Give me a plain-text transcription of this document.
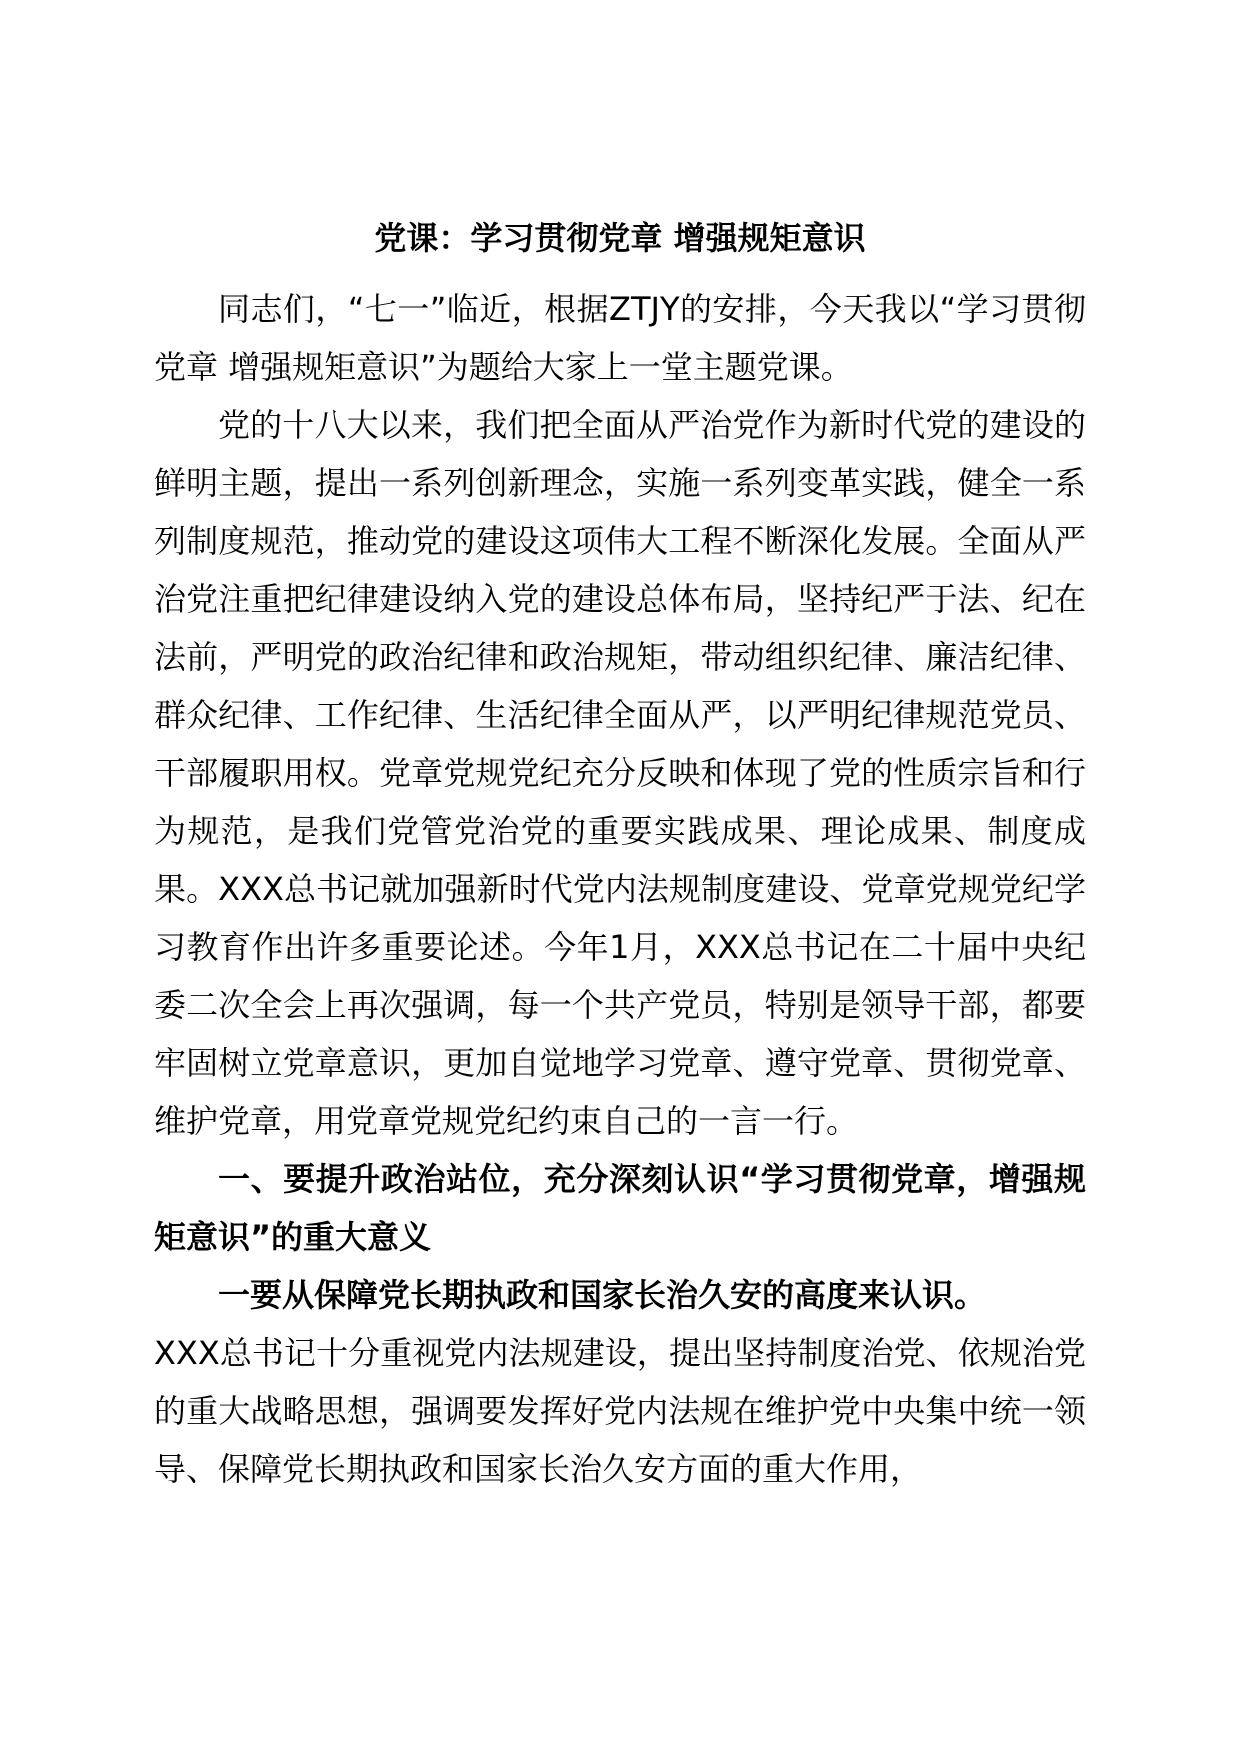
党课：学习贯彻党章 增强规矩意识

同志们，“七一”临近，根据ZTJY的安排，今天我以“学习贯彻党章 增强规矩意识”为题给大家上一堂主题党课。

党的十八大以来，我们把全面从严治党作为新时代党的建设的鲜明主题，提出一系列创新理念，实施一系列变革实践，健全一系列制度规范，推动党的建设这项伟大工程不断深化发展。全面从严治党注重把纪律建设纳入党的建设总体布局，坚持纪严于法、纪在法前，严明党的政治纪律和政治规矩，带动组织纪律、廉洁纪律、群众纪律、工作纪律、生活纪律全面从严，以严明纪律规范党员、干部履职用权。党章党规党纪充分反映和体现了党的性质宗旨和行为规范，是我们党管党治党的重要实践成果、理论成果、制度成果。XXX总书记就加强新时代党内法规制度建设、党章党规党纪学习教育作出许多重要论述。今年1月，XXX总书记在二十届中央纪委二次全会上再次强调，每一个共产党员，特别是领导干部，都要牢固树立党章意识，更加自觉地学习党章、遵守党章、贯彻党章、维护党章，用党章党规党纪约束自己的一言一行。

一、要提升政治站位，充分深刻认识“学习贯彻党章，增强规矩意识”的重大意义

一要从保障党长期执政和国家长治久安的高度来认识。

XXX总书记十分重视党内法规建设，提出坚持制度治党、依规治党的重大战略思想，强调要发挥好党内法规在维护党中央集中统一领导、保障党长期执政和国家长治久安方面的重大作用，
